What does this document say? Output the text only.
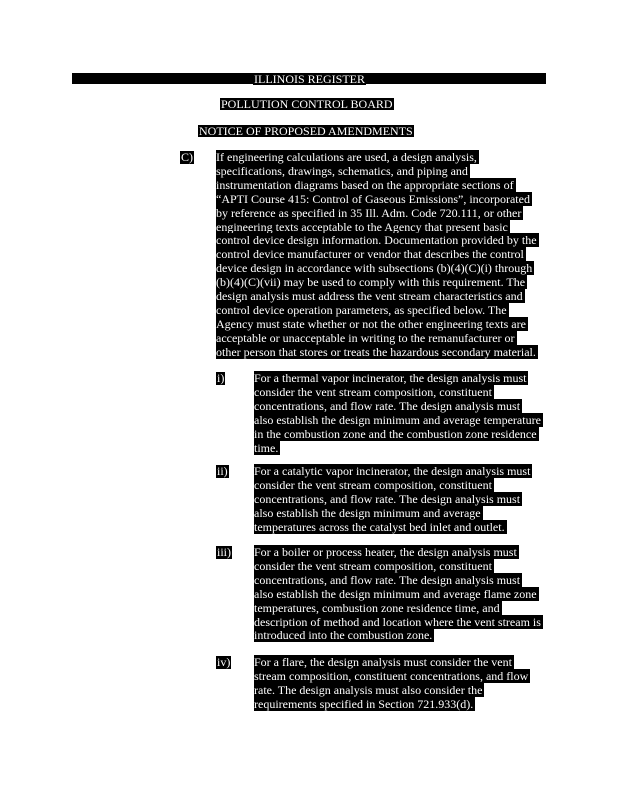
ILLINOIS REGISTER
POLLUTION CONTROL BOARD
NOTICE OF PROPOSED AMENDMENTS
C) If engineering calculations are used, a design analysis,
specifications, drawings, schematics, and piping and
instrumentation diagrams based on the appropriate sections of
“APTI Course 415: Control of Gaseous Emissions”, incorporated
by reference as specified in 35 Ill. Adm. Code 720.111, or other
engineering texts acceptable to the Agency that present basic
control device design information. Documentation provided by the
control device manufacturer or vendor that describes the control
device design in accordance with subsections (b)(4)(C)(i) through
(b)(4)(C)(vii) may be used to comply with this requirement. The
design analysis must address the vent stream characteristics and
control device operation parameters, as specified below. The
Agency must state whether or not the other engineering texts are
acceptable or unacceptable in writing to the remanufacturer or
other person that stores or treats the hazardous secondary material.
i) For a thermal vapor incinerator, the design analysis must
consider the vent stream composition, constituent
concentrations, and flow rate. The design analysis must
also establish the design minimum and average temperature
in the combustion zone and the combustion zone residence
time.
ii) For a catalytic vapor incinerator, the design analysis must
consider the vent stream composition, constituent
concentrations, and flow rate. The design analysis must
also establish the design minimum and average
temperatures across the catalyst bed inlet and outlet.
iii) For a boiler or process heater, the design analysis must
consider the vent stream composition, constituent
concentrations, and flow rate. The design analysis must
also establish the design minimum and average flame zone
temperatures, combustion zone residence time, and
description of method and location where the vent stream is
introduced into the combustion zone.
iv) For a flare, the design analysis must consider the vent
stream composition, constituent concentrations, and flow
rate. The design analysis must also consider the
requirements specified in Section 721.933(d).
